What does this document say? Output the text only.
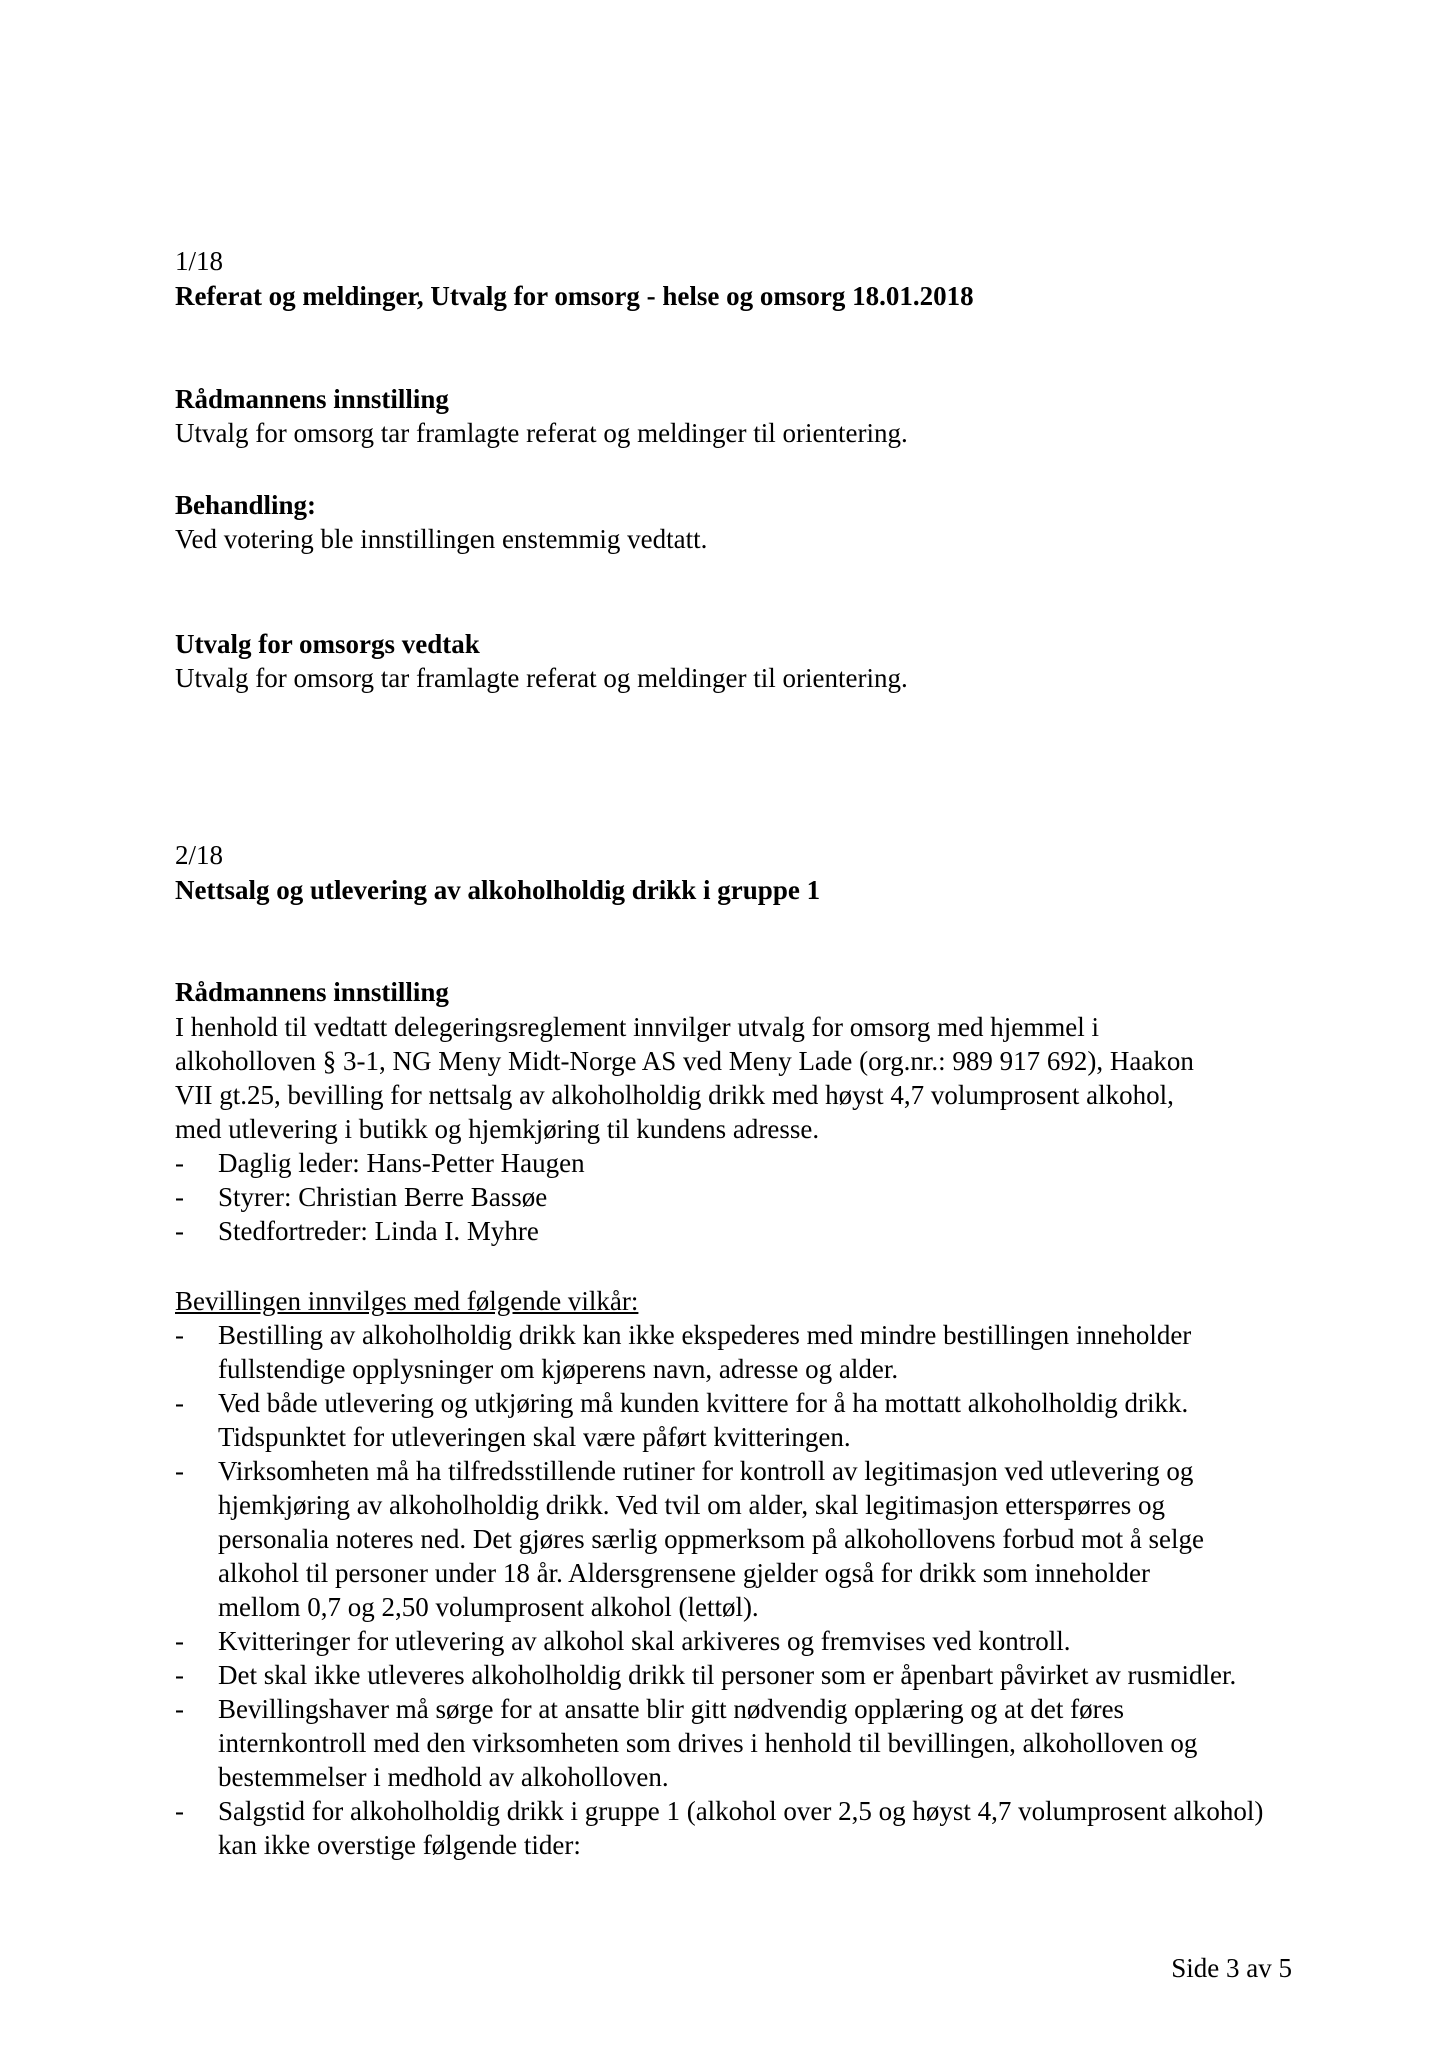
1/18
Referat og meldinger, Utvalg for omsorg - helse og omsorg 18.01.2018
Rådmannens innstilling
Utvalg for omsorg tar framlagte referat og meldinger til orientering.
Behandling:
Ved votering ble innstillingen enstemmig vedtatt.
Utvalg for omsorgs vedtak
Utvalg for omsorg tar framlagte referat og meldinger til orientering.
2/18
Nettsalg og utlevering av alkoholholdig drikk i gruppe 1
Rådmannens innstilling
I henhold til vedtatt delegeringsreglement innvilger utvalg for omsorg med hjemmel i
alkoholloven § 3-1, NG Meny Midt-Norge AS ved Meny Lade (org.nr.: 989 917 692), Haakon
VII gt.25, bevilling for nettsalg av alkoholholdig drikk med høyst 4,7 volumprosent alkohol,
med utlevering i butikk og hjemkjøring til kundens adresse.
-	Daglig leder: Hans-Petter Haugen
-	Styrer: Christian Berre Bassøe
-	Stedfortreder: Linda I. Myhre
Bevillingen innvilges med følgende vilkår:
-	Bestilling av alkoholholdig drikk kan ikke ekspederes med mindre bestillingen inneholder
fullstendige opplysninger om kjøperens navn, adresse og alder.
-	Ved både utlevering og utkjøring må kunden kvittere for å ha mottatt alkoholholdig drikk.
Tidspunktet for utleveringen skal være påført kvitteringen.
-	Virksomheten må ha tilfredsstillende rutiner for kontroll av legitimasjon ved utlevering og
hjemkjøring av alkoholholdig drikk. Ved tvil om alder, skal legitimasjon etterspørres og
personalia noteres ned. Det gjøres særlig oppmerksom på alkohollovens forbud mot å selge
alkohol til personer under 18 år. Aldersgrensene gjelder også for drikk som inneholder
mellom 0,7 og 2,50 volumprosent alkohol (lettøl).
-	Kvitteringer for utlevering av alkohol skal arkiveres og fremvises ved kontroll.
-	Det skal ikke utleveres alkoholholdig drikk til personer som er åpenbart påvirket av rusmidler.
-	Bevillingshaver må sørge for at ansatte blir gitt nødvendig opplæring og at det føres
internkontroll med den virksomheten som drives i henhold til bevillingen, alkoholloven og
bestemmelser i medhold av alkoholloven.
-	Salgstid for alkoholholdig drikk i gruppe 1 (alkohol over 2,5 og høyst 4,7 volumprosent alkohol)
kan ikke overstige følgende tider:
Side 3 av 5
